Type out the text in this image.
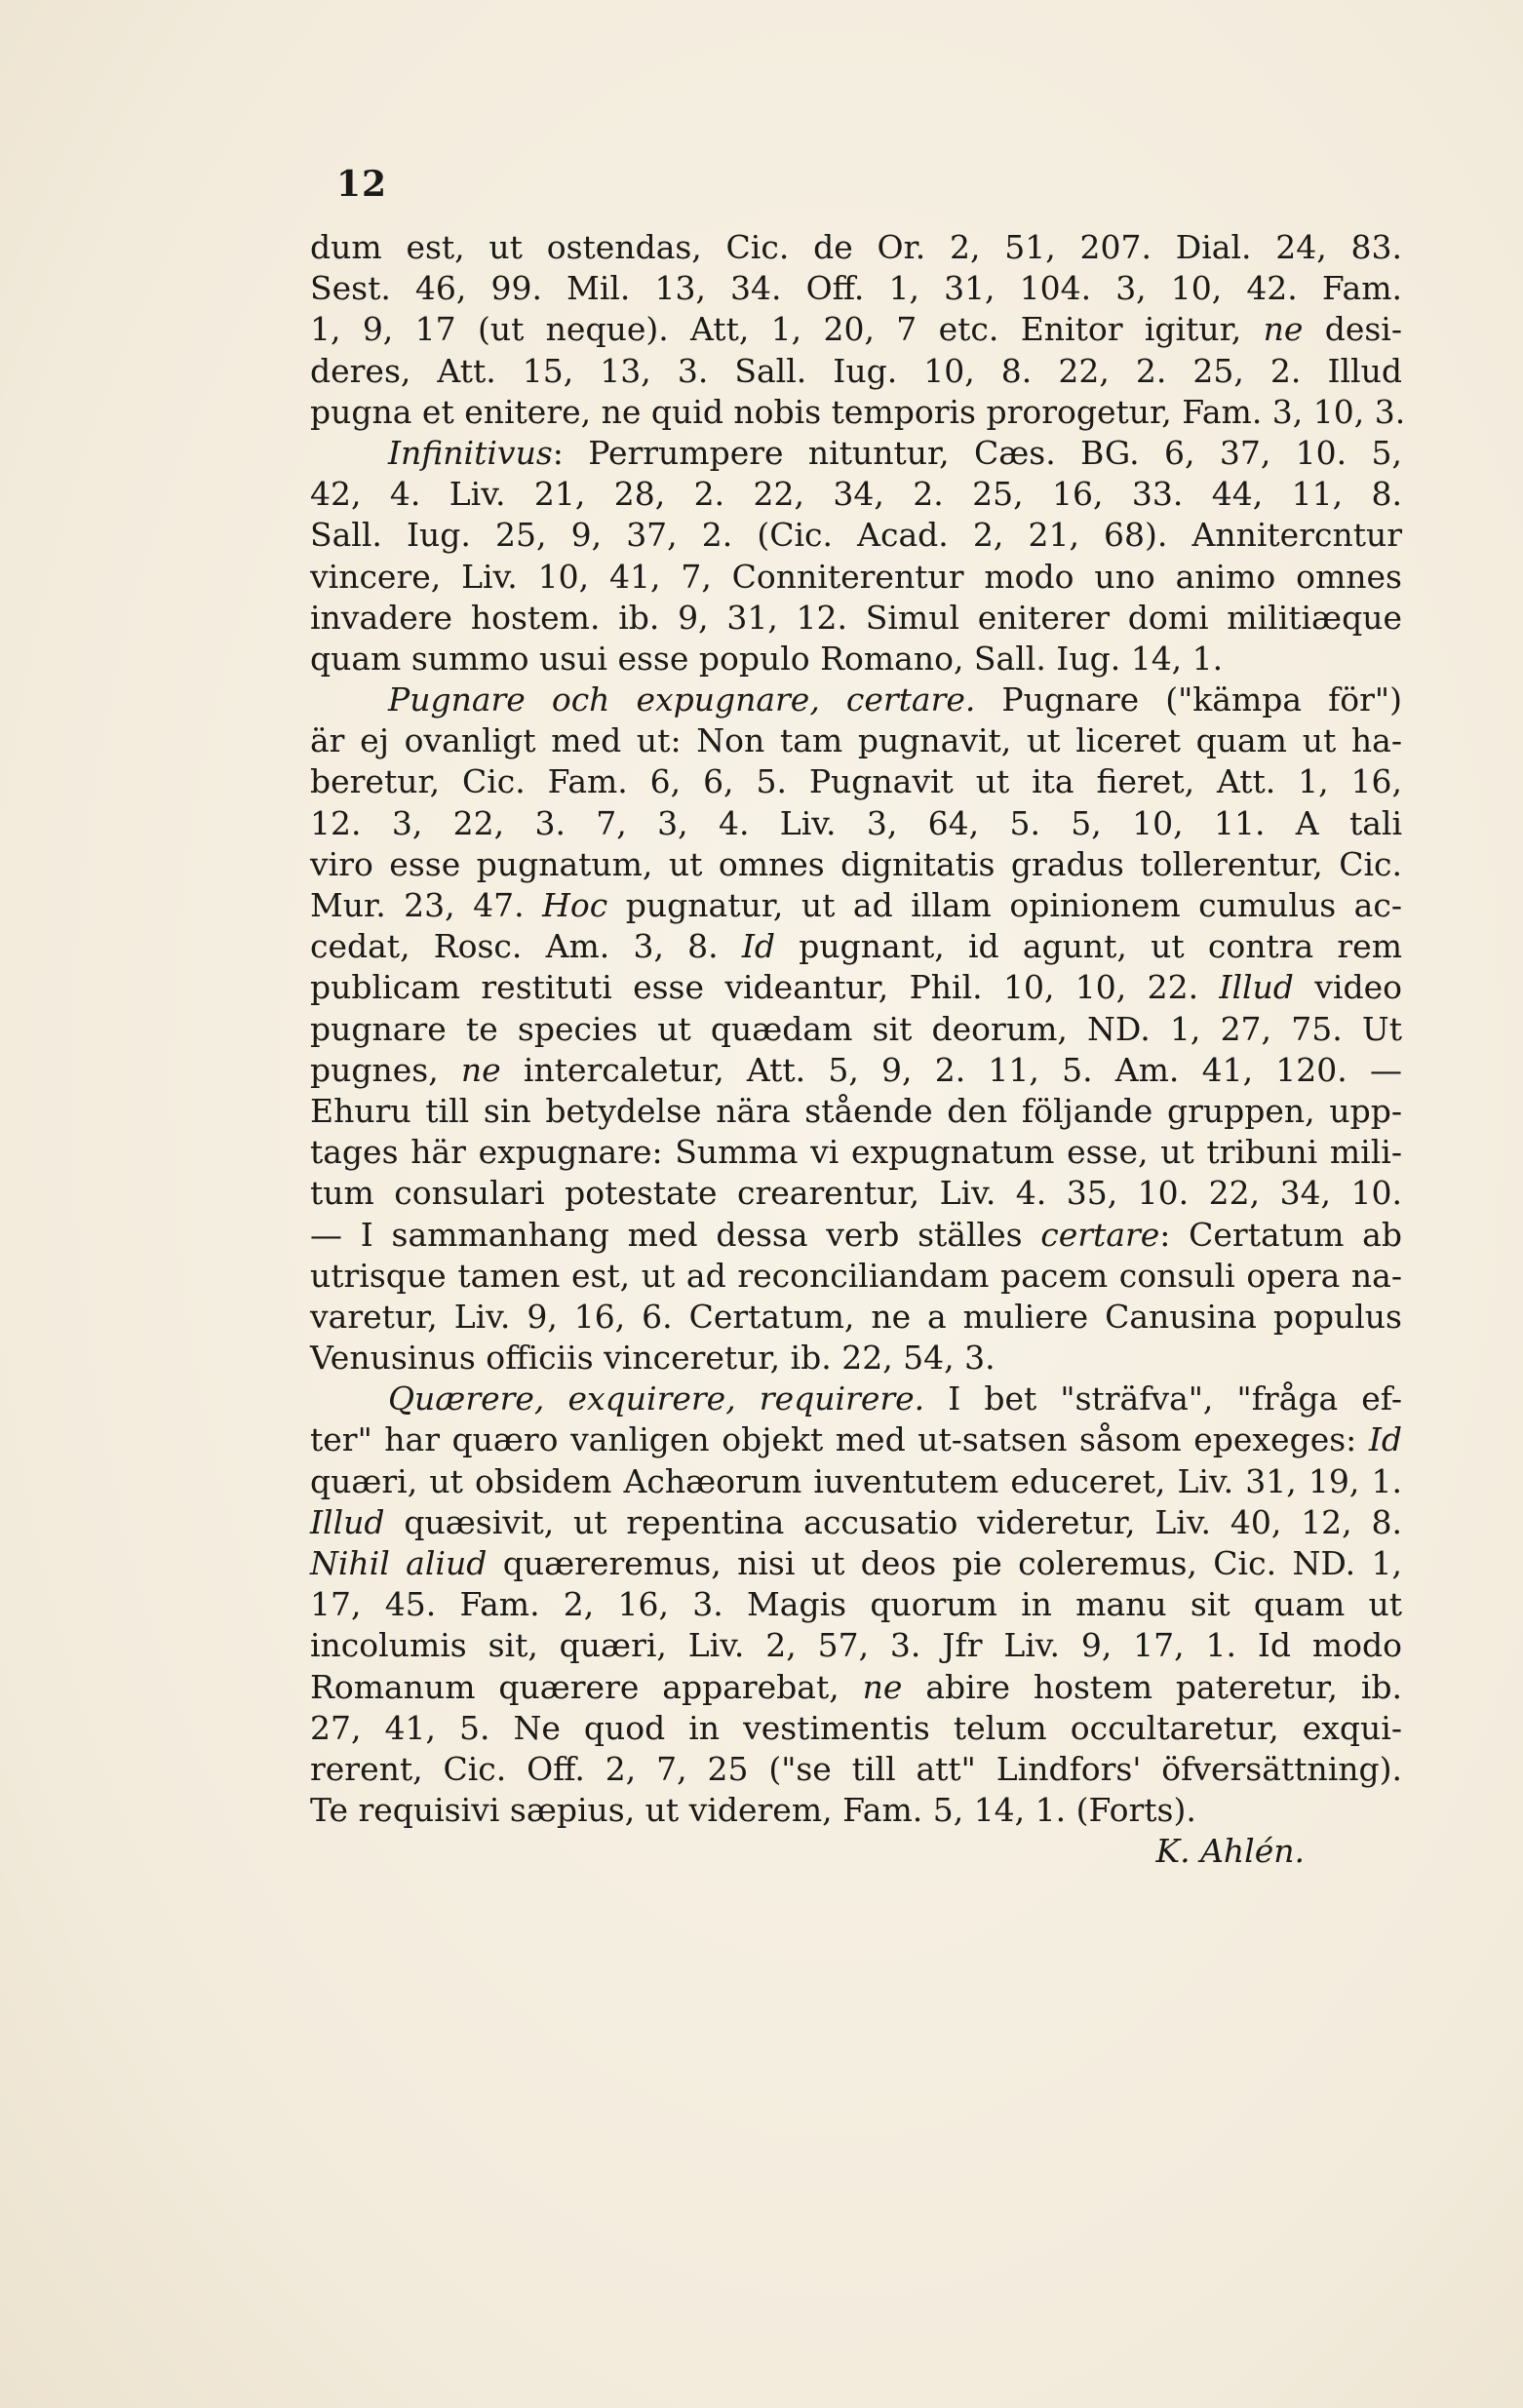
12
dum est, ut ostendas, Cic. de Or. 2, 51, 207. Dial. 24, 83.
Sest. 46, 99. Mil. 13, 34. Off. 1, 31, 104. 3, 10, 42. Fam.
1, 9, 17 (ut neque). Att, 1, 20, 7 etc. Enitor igitur, ne desi-
deres, Att. 15, 13, 3. Sall. Iug. 10, 8. 22, 2. 25, 2. Illud
pugna et enitere, ne quid nobis temporis prorogetur, Fam. 3, 10, 3.
Infinitivus: Perrumpere nituntur, Cæs. BG. 6, 37, 10. 5,
42, 4. Liv. 21, 28, 2. 22, 34, 2. 25, 16, 33. 44, 11, 8.
Sall. Iug. 25, 9, 37, 2. (Cic. Acad. 2, 21, 68). Annitercntur
vincere, Liv. 10, 41, 7, Conniterentur modo uno animo omnes
invadere hostem. ib. 9, 31, 12. Simul eniterer domi militiæque
quam summo usui esse populo Romano, Sall. Iug. 14, 1.
Pugnare och expugnare, certare. Pugnare ("kämpa för")
är ej ovanligt med ut: Non tam pugnavit, ut liceret quam ut ha-
beretur, Cic. Fam. 6, 6, 5. Pugnavit ut ita fieret, Att. 1, 16,
12. 3, 22, 3. 7, 3, 4. Liv. 3, 64, 5. 5, 10, 11. A tali
viro esse pugnatum, ut omnes dignitatis gradus tollerentur, Cic.
Mur. 23, 47. Hoc pugnatur, ut ad illam opinionem cumulus ac-
cedat, Rosc. Am. 3, 8. Id pugnant, id agunt, ut contra rem
publicam restituti esse videantur, Phil. 10, 10, 22. Illud video
pugnare te species ut quædam sit deorum, ND. 1, 27, 75. Ut
pugnes, ne intercaletur, Att. 5, 9, 2. 11, 5. Am. 41, 120. —
Ehuru till sin betydelse nära stående den följande gruppen, upp-
tages här expugnare: Summa vi expugnatum esse, ut tribuni mili-
tum consulari potestate crearentur, Liv. 4. 35, 10. 22, 34, 10.
— I sammanhang med dessa verb ställes certare: Certatum ab
utrisque tamen est, ut ad reconciliandam pacem consuli opera na-
varetur, Liv. 9, 16, 6. Certatum, ne a muliere Canusina populus
Venusinus officiis vinceretur, ib. 22, 54, 3.
Quærere, exquirere, requirere. I bet "sträfva", "fråga ef-
ter" har quæro vanligen objekt med ut-satsen såsom epexeges: Id
quæri, ut obsidem Achæorum iuventutem educeret, Liv. 31, 19, 1.
Illud quæsivit, ut repentina accusatio videretur, Liv. 40, 12, 8.
Nihil aliud quæreremus, nisi ut deos pie coleremus, Cic. ND. 1,
17, 45. Fam. 2, 16, 3. Magis quorum in manu sit quam ut
incolumis sit, quæri, Liv. 2, 57, 3. Jfr Liv. 9, 17, 1. Id modo
Romanum quærere apparebat, ne abire hostem pateretur, ib.
27, 41, 5. Ne quod in vestimentis telum occultaretur, exqui-
rerent, Cic. Off. 2, 7, 25 ("se till att" Lindfors' öfversättning).
Te requisivi sæpius, ut viderem, Fam. 5, 14, 1. (Forts).
K. Ahlén.
